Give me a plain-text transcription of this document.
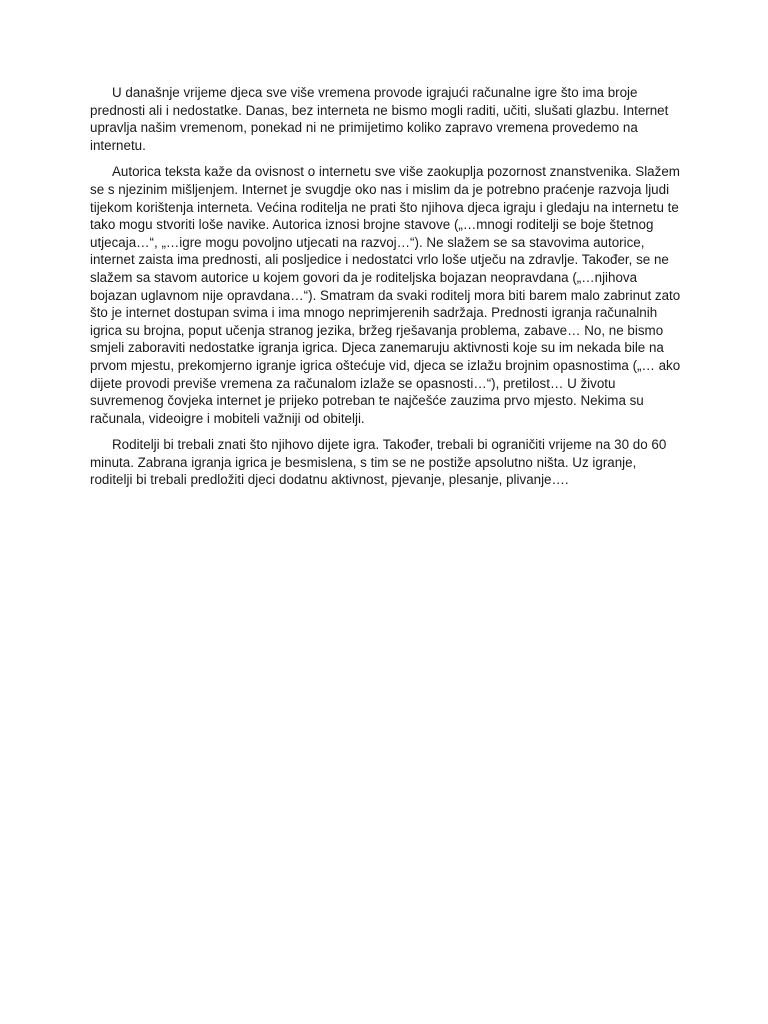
U današnje vrijeme djeca sve više vremena provode igrajući računalne igre što ima broje prednosti ali i nedostatke. Danas, bez interneta ne bismo mogli raditi, učiti, slušati glazbu. Internet upravlja našim vremenom, ponekad ni ne primijetimo koliko zapravo vremena provedemo na internetu.

Autorica teksta kaže da ovisnost o internetu sve više zaokuplja pozornost znanstvenika. Slažem se s njezinim mišljenjem. Internet je svugdje oko nas i mislim da je potrebno praćenje razvoja ljudi tijekom korištenja interneta. Većina roditelja ne prati što njihova djeca igraju i gledaju na internetu te tako mogu stvoriti loše navike. Autorica iznosi brojne stavove („…mnogi roditelji se boje štetnog utjecaja…“, „…igre mogu povoljno utjecati na razvoj…“). Ne slažem se sa stavovima autorice, internet zaista ima prednosti, ali posljedice i nedostatci vrlo loše utječu na zdravlje. Također, se ne slažem sa stavom autorice u kojem govori da je roditeljska bojazan neopravdana („…njihova bojazan uglavnom nije opravdana…“). Smatram da svaki roditelj mora biti barem malo zabrinut zato što je internet dostupan svima i ima mnogo neprimjerenih sadržaja. Prednosti igranja računalnih igrica su brojna, poput učenja stranog jezika, bržeg rješavanja problema, zabave… No, ne bismo smjeli zaboraviti nedostatke igranja igrica. Djeca zanemaruju aktivnosti koje su im nekada bile na prvom mjestu, prekomjerno igranje igrica oštećuje vid, djeca se izlažu brojnim opasnostima („… ako dijete provodi previše vremena za računalom izlaže se opasnosti…“), pretilost… U životu suvremenog čovjeka internet je prijeko potreban te najčešće zauzima prvo mjesto. Nekima su računala, videoigre i mobiteli važniji od obitelji.

Roditelji bi trebali znati što njihovo dijete igra. Također, trebali bi ograničiti vrijeme na 30 do 60 minuta. Zabrana igranja igrica je besmislena, s tim se ne postiže apsolutno ništa. Uz igranje, roditelji bi trebali predložiti djeci dodatnu aktivnost, pjevanje, plesanje, plivanje….
